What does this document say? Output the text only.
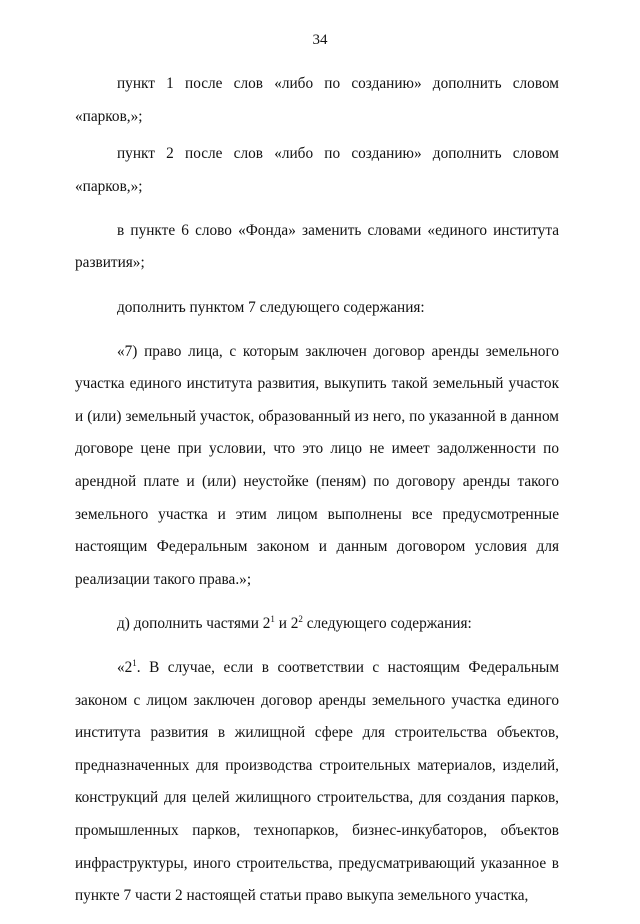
34

пункт 1 после слов «либо по созданию» дополнить словом «парков,»;

пункт 2 после слов «либо по созданию» дополнить словом «парков,»;

в пункте 6 слово «Фонда» заменить словами «единого института развития»;

дополнить пунктом 7 следующего содержания:

«7) право лица, с которым заключен договор аренды земельного участка единого института развития, выкупить такой земельный участок и (или) земельный участок, образованный из него, по указанной в данном договоре цене при условии, что это лицо не имеет задолженности по арендной плате и (или) неустойке (пеням) по договору аренды такого земельного участка и этим лицом выполнены все предусмотренные настоящим Федеральным законом и данным договором условия для реализации такого права.»;

д) дополнить частями $2^1$ и $2^2$ следующего содержания:

«$2^1$. В случае, если в соответствии с настоящим Федеральным законом с лицом заключен договор аренды земельного участка единого института развития в жилищной сфере для строительства объектов, предназначенных для производства строительных материалов, изделий, конструкций для целей жилищного строительства, для создания парков, промышленных парков, технопарков, бизнес-инкубаторов, объектов инфраструктуры, иного строительства, предусматривающий указанное в пункте 7 части 2 настоящей статьи право выкупа земельного участка,
